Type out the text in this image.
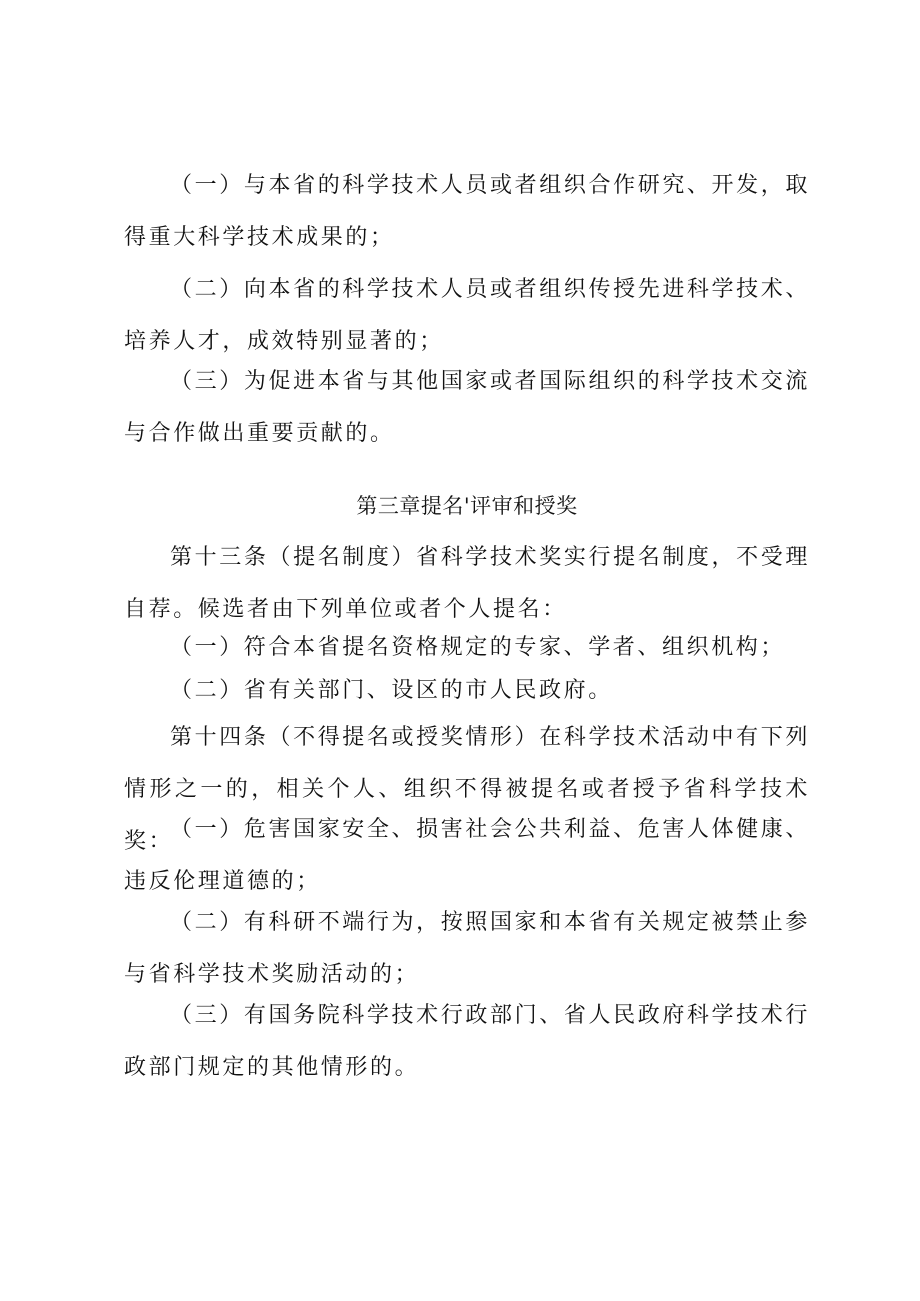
（一）与本省的科学技术人员或者组织合作研究、开发，取得重大科学技术成果的；

（二）向本省的科学技术人员或者组织传授先进科学技术、培养人才，成效特别显著的；

（三）为促进本省与其他国家或者国际组织的科学技术交流与合作做出重要贡献的。

第三章提名'评审和授奖

第十三条（提名制度）省科学技术奖实行提名制度，不受理自荐。候选者由下列单位或者个人提名：

（一）符合本省提名资格规定的专家、学者、组织机构；

（二）省有关部门、设区的市人民政府。

第十四条（不得提名或授奖情形）在科学技术活动中有下列情形之一的，相关个人、组织不得被提名或者授予省科学技术奖：

（一）危害国家安全、损害社会公共利益、危害人体健康、违反伦理道德的；

（二）有科研不端行为，按照国家和本省有关规定被禁止参与省科学技术奖励活动的；

（三）有国务院科学技术行政部门、省人民政府科学技术行政部门规定的其他情形的。
